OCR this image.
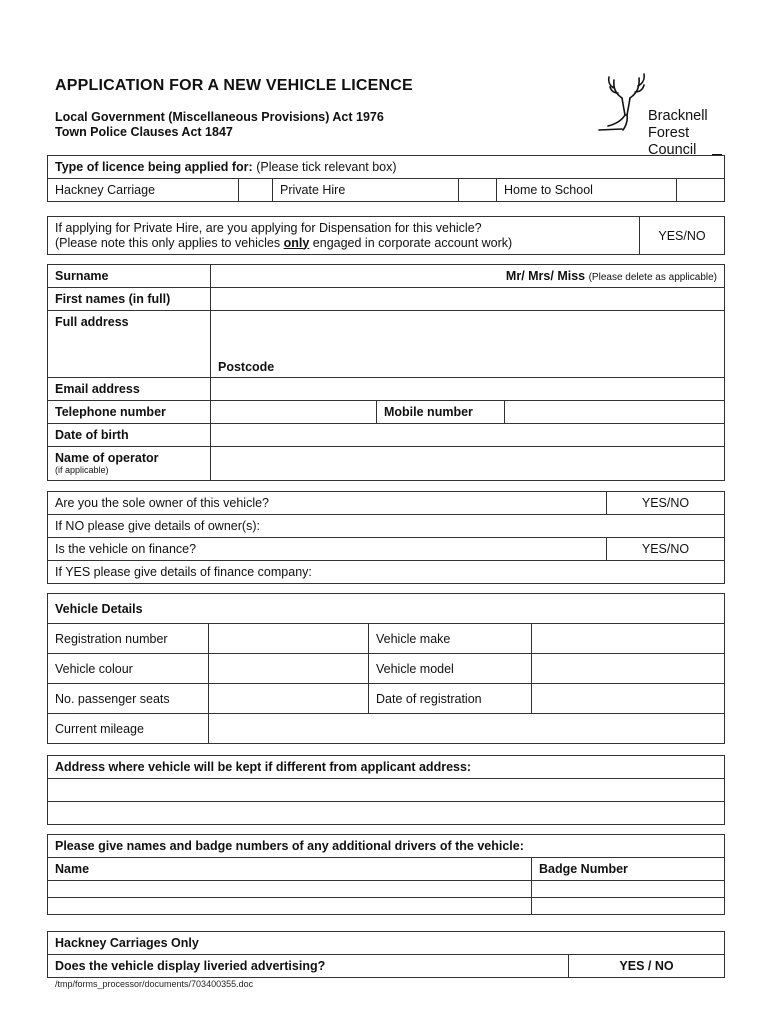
APPLICATION FOR A NEW VEHICLE LICENCE
Local Government (Miscellaneous Provisions) Act 1976
Town Police Clauses Act 1847
Bracknell
Forest
Council
Type of licence being applied for: (Please tick relevant box)
Hackney Carriage		Private Hire		Home to School	
If applying for Private Hire, are you applying for Dispensation for this vehicle?
(Please note this only applies to vehicles only engaged in corporate account work)	YES/NO
Surname	Mr/ Mrs/ Miss (Please delete as applicable)		
First names (in full)			
Full address	Postcode		
Email address			
Telephone number		Mobile number	
Date of birth			

Name of operator
(if applicable)			

Are you the sole owner of this vehicle?	YES/NO
If NO please give details of owner(s):	
Is the vehicle on finance?	YES/NO
If YES please give details of finance company:	
Vehicle Details			
Registration number		Vehicle make	
Vehicle colour		Vehicle model	
No. passenger seats		Date of registration	
Current mileage			
Address where vehicle will be kept if different from applicant address:

Please give names and badge numbers of any additional drivers of the vehicle:	
Name	Badge Number

Hackney Carriages Only
Does the vehicle display liveried advertising?	YES / NO
/tmp/forms_processor/documents/703400355.doc
